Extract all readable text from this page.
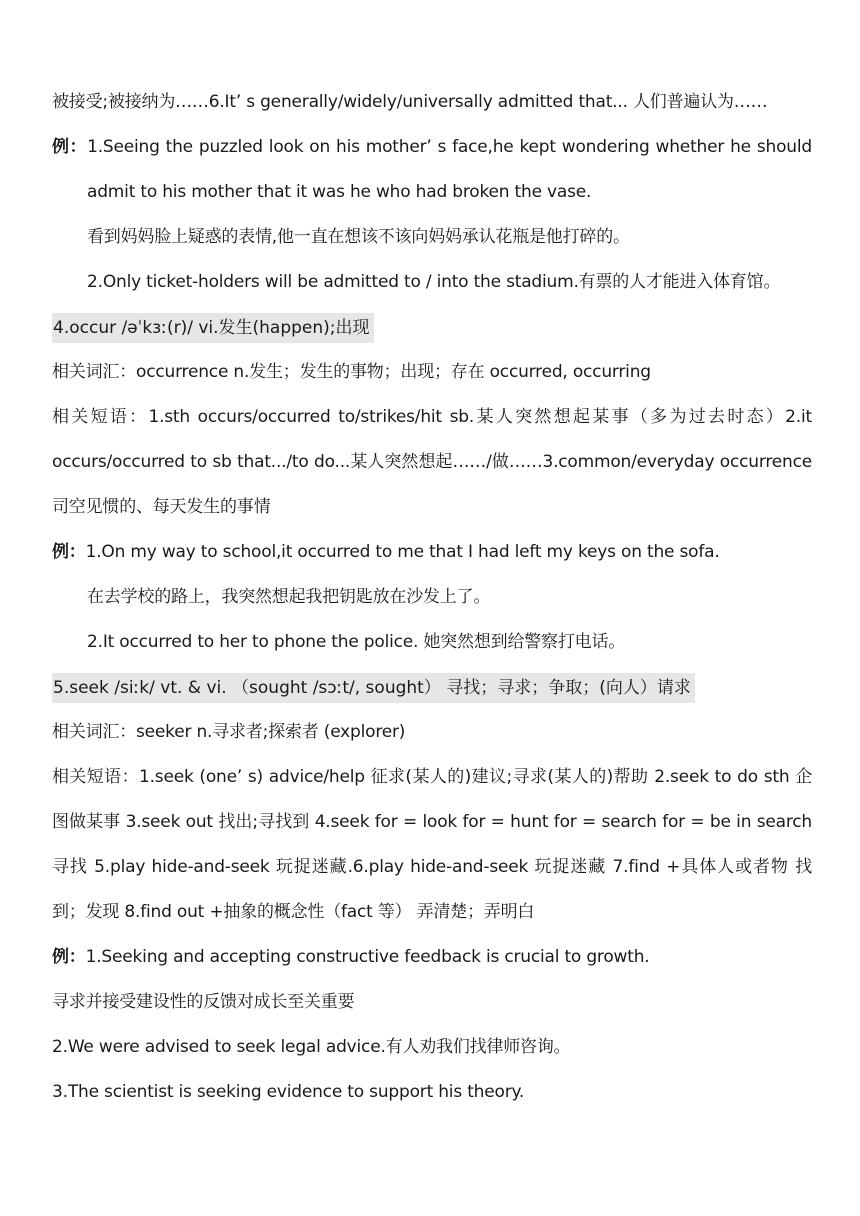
被接受;被接纳为……6.It’ s generally/widely/universally admitted that... 人们普遍认为……
例：1.Seeing the puzzled look on his mother’ s face,he kept wondering whether he should
admit to his mother that it was he who had broken the vase.
看到妈妈脸上疑惑的表情,他一直在想该不该向妈妈承认花瓶是他打碎的。
2.Only ticket-holders will be admitted to / into the stadium.有票的人才能进入体育馆。
4.occur /əˈkɜː(r)/ vi.发生(happen);出现
相关词汇：occurrence n.发生；发生的事物；出现；存在 occurred, occurring
相关短语：1.sth occurs/occurred to/strikes/hit sb.某人突然想起某事（多为过去时态）2.it
occurs/occurred to sb that.../to do...某人突然想起……/做……3.common/everyday occurrence
司空见惯的、每天发生的事情
例：1.On my way to school,it occurred to me that I had left my keys on the sofa.
在去学校的路上，我突然想起我把钥匙放在沙发上了。
2.It occurred to her to phone the police. 她突然想到给警察打电话。
5.seek /siːk/ vt. & vi. （sought /sɔːt/, sought） 寻找；寻求；争取；(向人）请求
相关词汇：seeker n.寻求者;探索者 (explorer)
相关短语：1.seek (one’ s) advice/help 征求(某人的)建议;寻求(某人的)帮助 2.seek to do sth 企
图做某事 3.seek out 找出;寻找到 4.seek for = look for = hunt for = search for = be in search
寻找 5.play hide-and-seek 玩捉迷藏.6.play hide-and-seek 玩捉迷藏 7.find +具体人或者物 找
到；发现 8.find out +抽象的概念性（fact 等） 弄清楚；弄明白
例：1.Seeking and accepting constructive feedback is crucial to growth.
寻求并接受建设性的反馈对成长至关重要
2.We were advised to seek legal advice.有人劝我们找律师咨询。
3.The scientist is seeking evidence to support his theory.
